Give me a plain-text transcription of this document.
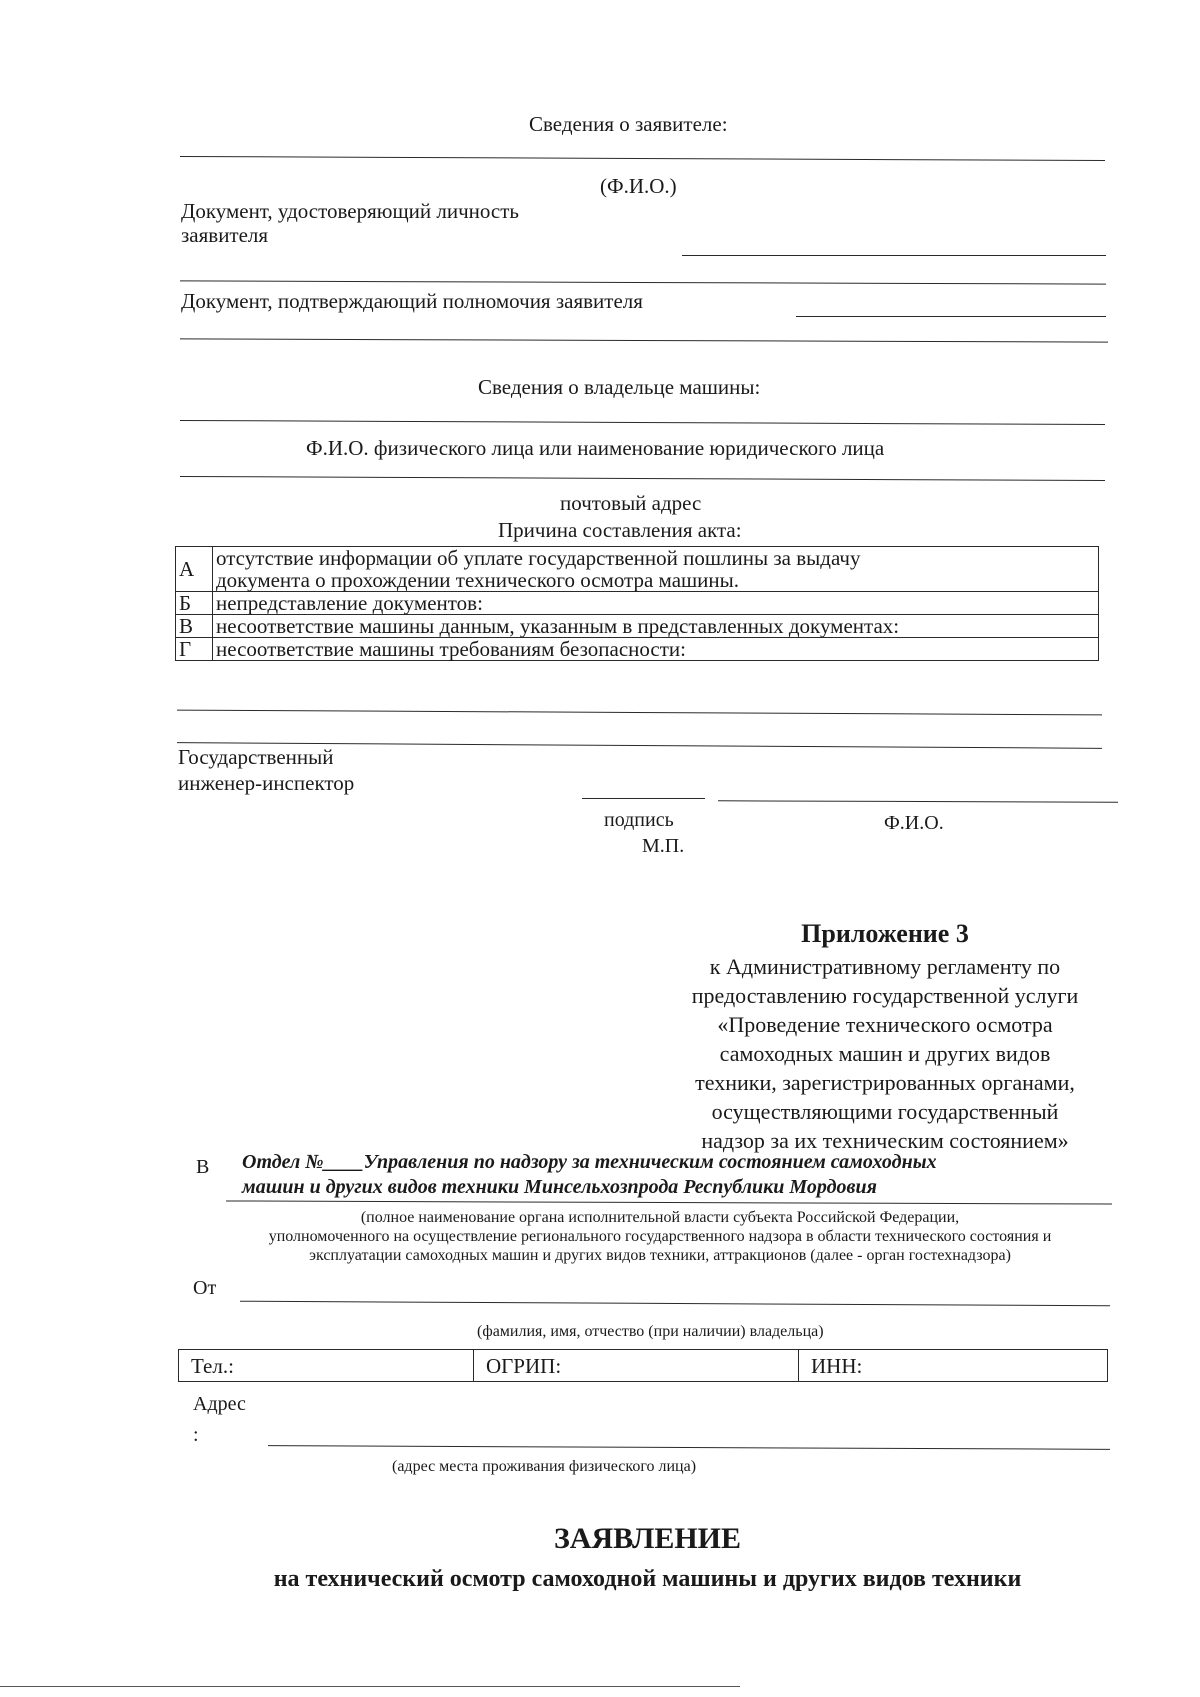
Сведения о заявителе:
(Ф.И.О.)
Документ, удостоверяющий личность
заявителя
Документ, подтверждающий полномочия заявителя
Сведения о владельце машины:
Ф.И.О. физического лица или наименование юридического лица
почтовый адрес
Причина составления акта:
А	отсутствие информации об уплате государственной пошлины за выдачу
документа о прохождении технического осмотра машины.

Б	непредставление документов:
В	несоответствие машины данным, указанным в представленных документах:
Г	несоответствие машины требованиям безопасности:
Государственный
инженер-инспектор
подпись	Ф.И.О.
М.П.
Приложение 3
к Административному регламенту по
предоставлению государственной услуги
«Проведение технического осмотра
самоходных машин и других видов
техники, зарегистрированных органами,
осуществляющими государственный
надзор за их техническим состоянием»
В Отдел №____Управления по надзору за техническим состоянием самоходных
машин и других видов техники Минсельхозпрода Республики Мордовия
(полное наименование органа исполнительной власти субъекта Российской Федерации,
уполномоченного на осуществление регионального государственного надзора в области технического состояния и
эксплуатации самоходных машин и других видов техники, аттракционов (далее - орган гостехнадзора)
От
(фамилия, имя, отчество (при наличии) владельца)
Тел.:	ОГРИП:	ИНН:
Адрес
:
(адрес места проживания физического лица)
ЗАЯВЛЕНИЕ
на технический осмотр самоходной машины и других видов техники
